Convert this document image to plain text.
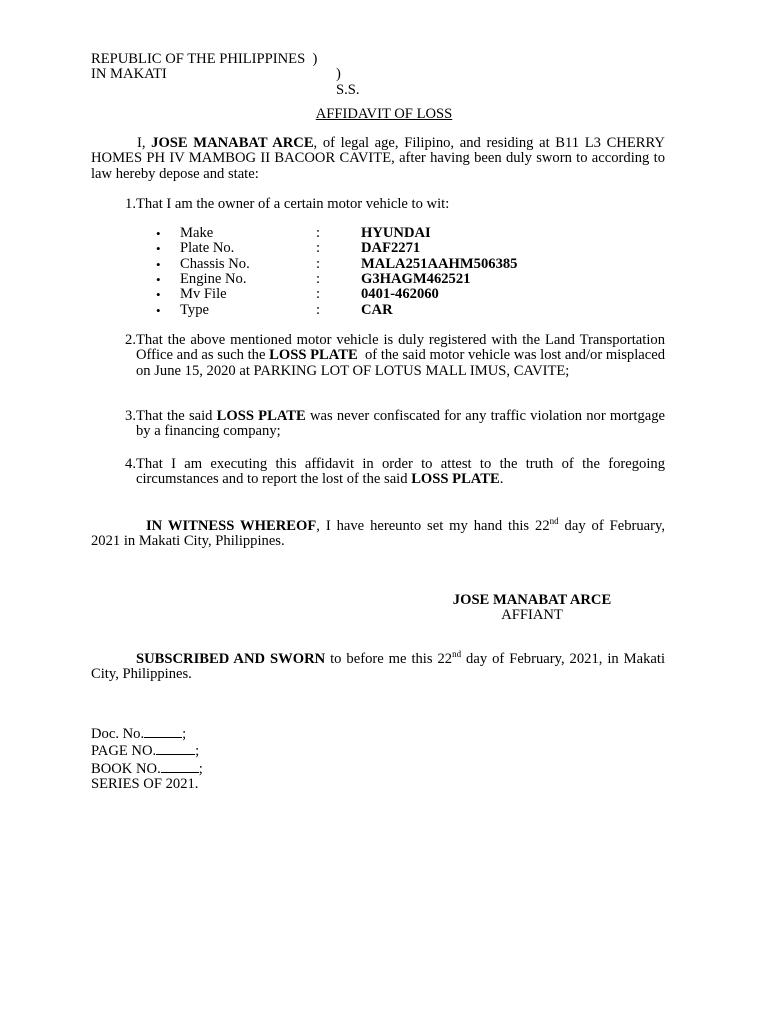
REPUBLIC OF THE PHILIPPINES  )
IN MAKATI	) S.S.
AFFIDAVIT OF LOSS
I, JOSE MANABAT ARCE, of legal age, Filipino, and residing at B11 L3 CHERRY HOMES PH IV MAMBOG II BACOOR CAVITE, after having been duly sworn to according to law hereby depose and state:
1. That I am the owner of a certain motor vehicle to wit:
• Make	:	HYUNDAI
• Plate No.	:	DAF2271
• Chassis No.	:	MALA251AAHM506385
• Engine No.	:	G3HAGM462521
• Mv File	:	0401-462060
• Type	:	CAR
2. That the above mentioned motor vehicle is duly registered with the Land Transportation Office and as such the LOSS PLATE  of the said motor vehicle was lost and/or misplaced on June 15, 2020 at PARKING LOT OF LOTUS MALL IMUS, CAVITE;
3. That the said LOSS PLATE was never confiscated for any traffic violation nor mortgage by a financing company;
4. That I am executing this affidavit in order to attest to the truth of the foregoing circumstances and to report the lost of the said LOSS PLATE.
IN WITNESS WHEREOF, I have hereunto set my hand this 22nd day of February, 2021 in Makati City, Philippines.
JOSE MANABAT ARCE
AFFIANT
SUBSCRIBED AND SWORN to before me this 22nd day of February, 2021, in Makati City, Philippines.
Doc. No.	;
PAGE NO.	;
BOOK NO.	;
SERIES OF 2021.
